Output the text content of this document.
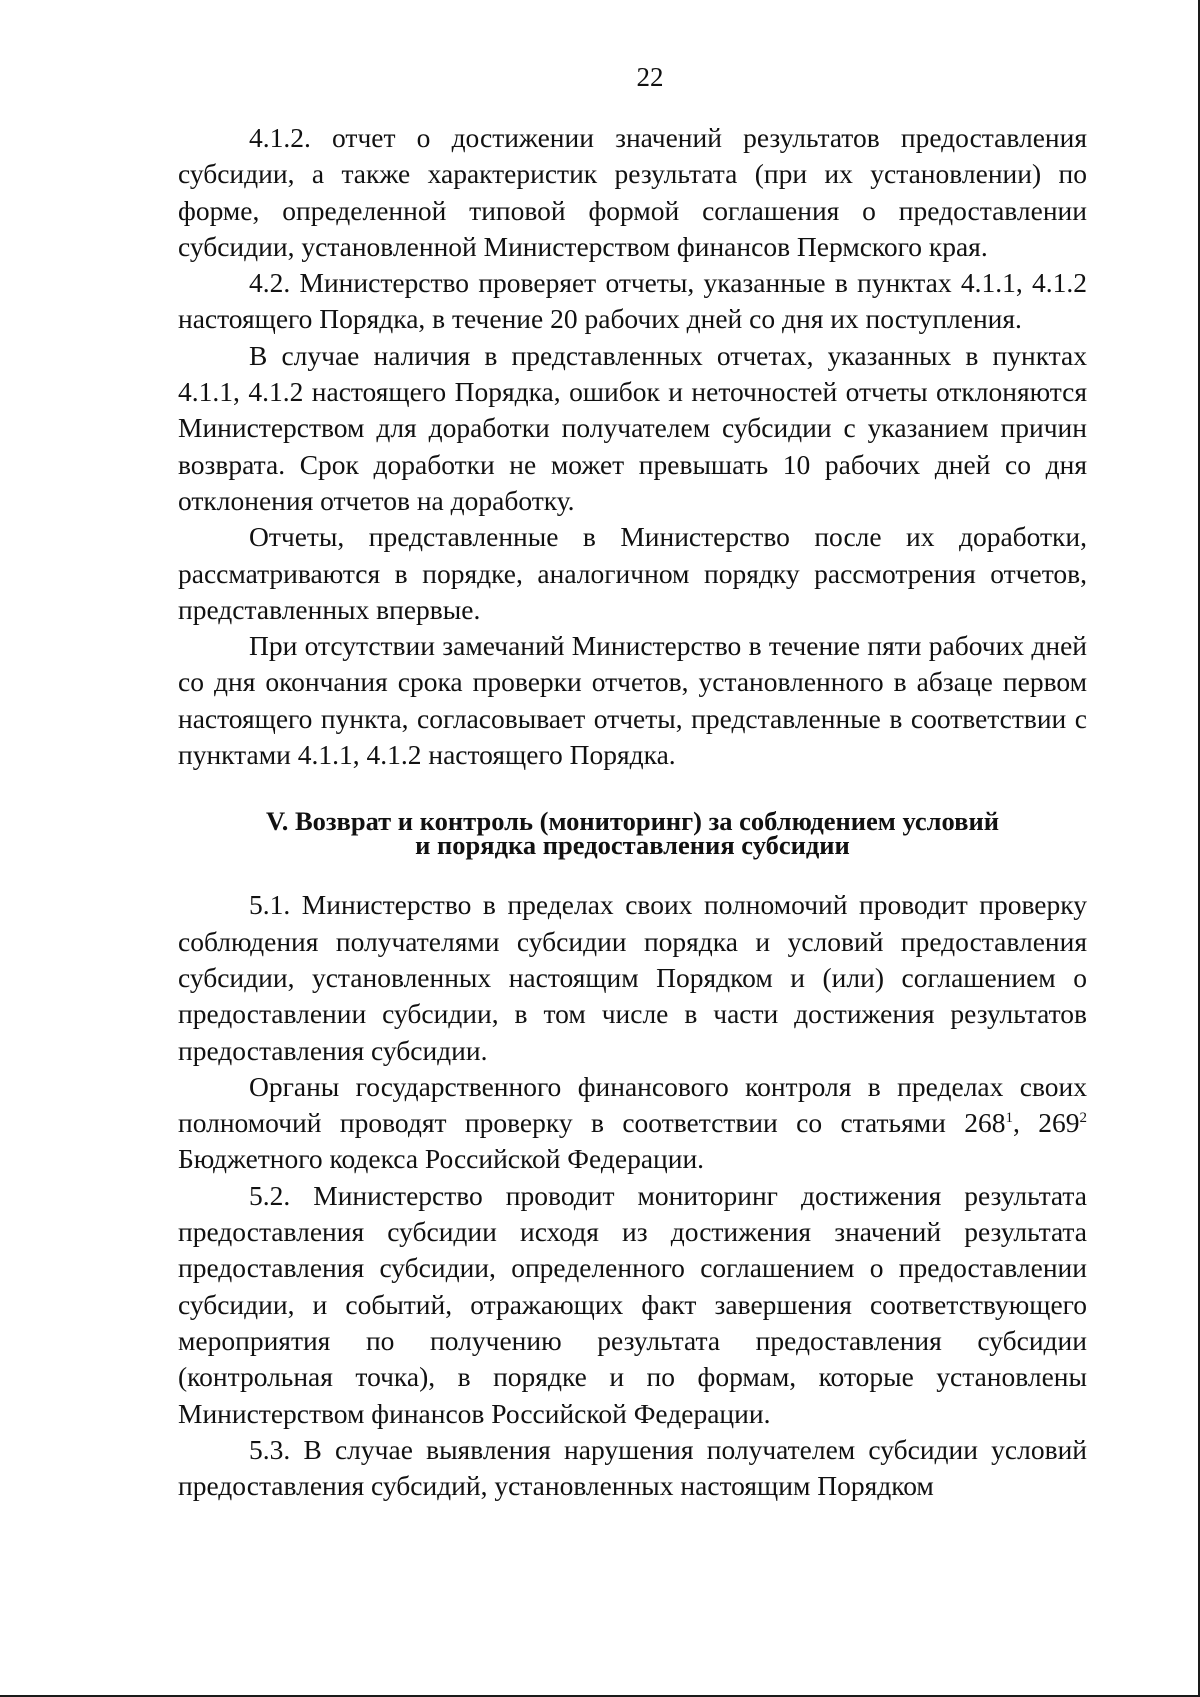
22

4.1.2. отчет о достижении значений результатов предоставления субсидии, а также характеристик результата (при их установлении) по форме, определенной типовой формой соглашения о предоставлении субсидии, установленной Министерством финансов Пермского края.

4.2. Министерство проверяет отчеты, указанные в пунктах 4.1.1, 4.1.2 настоящего Порядка, в течение 20 рабочих дней со дня их поступления.

В случае наличия в представленных отчетах, указанных в пунктах 4.1.1, 4.1.2 настоящего Порядка, ошибок и неточностей отчеты отклоняются Министерством для доработки получателем субсидии с указанием причин возврата. Срок доработки не может превышать 10 рабочих дней со дня отклонения отчетов на доработку.

Отчеты, представленные в Министерство после их доработки, рассматриваются в порядке, аналогичном порядку рассмотрения отчетов, представленных впервые.

При отсутствии замечаний Министерство в течение пяти рабочих дней со дня окончания срока проверки отчетов, установленного в абзаце первом настоящего пункта, согласовывает отчеты, представленные в соответствии с пунктами 4.1.1, 4.1.2 настоящего Порядка.

V. Возврат и контроль (мониторинг) за соблюдением условий
и порядка предоставления субсидии

5.1. Министерство в пределах своих полномочий проводит проверку соблюдения получателями субсидии порядка и условий предоставления субсидии, установленных настоящим Порядком и (или) соглашением о предоставлении субсидии, в том числе в части достижения результатов предоставления субсидии.

Органы государственного финансового контроля в пределах своих полномочий проводят проверку в соответствии со статьями $268^1$, $269^2$ Бюджетного кодекса Российской Федерации.

5.2. Министерство проводит мониторинг достижения результата предоставления субсидии исходя из достижения значений результата предоставления субсидии, определенного соглашением о предоставлении субсидии, и событий, отражающих факт завершения соответствующего мероприятия по получению результата предоставления субсидии (контрольная точка), в порядке и по формам, которые установлены Министерством финансов Российской Федерации.

5.3. В случае выявления нарушения получателем субсидии условий предоставления субсидий, установленных настоящим Порядком
